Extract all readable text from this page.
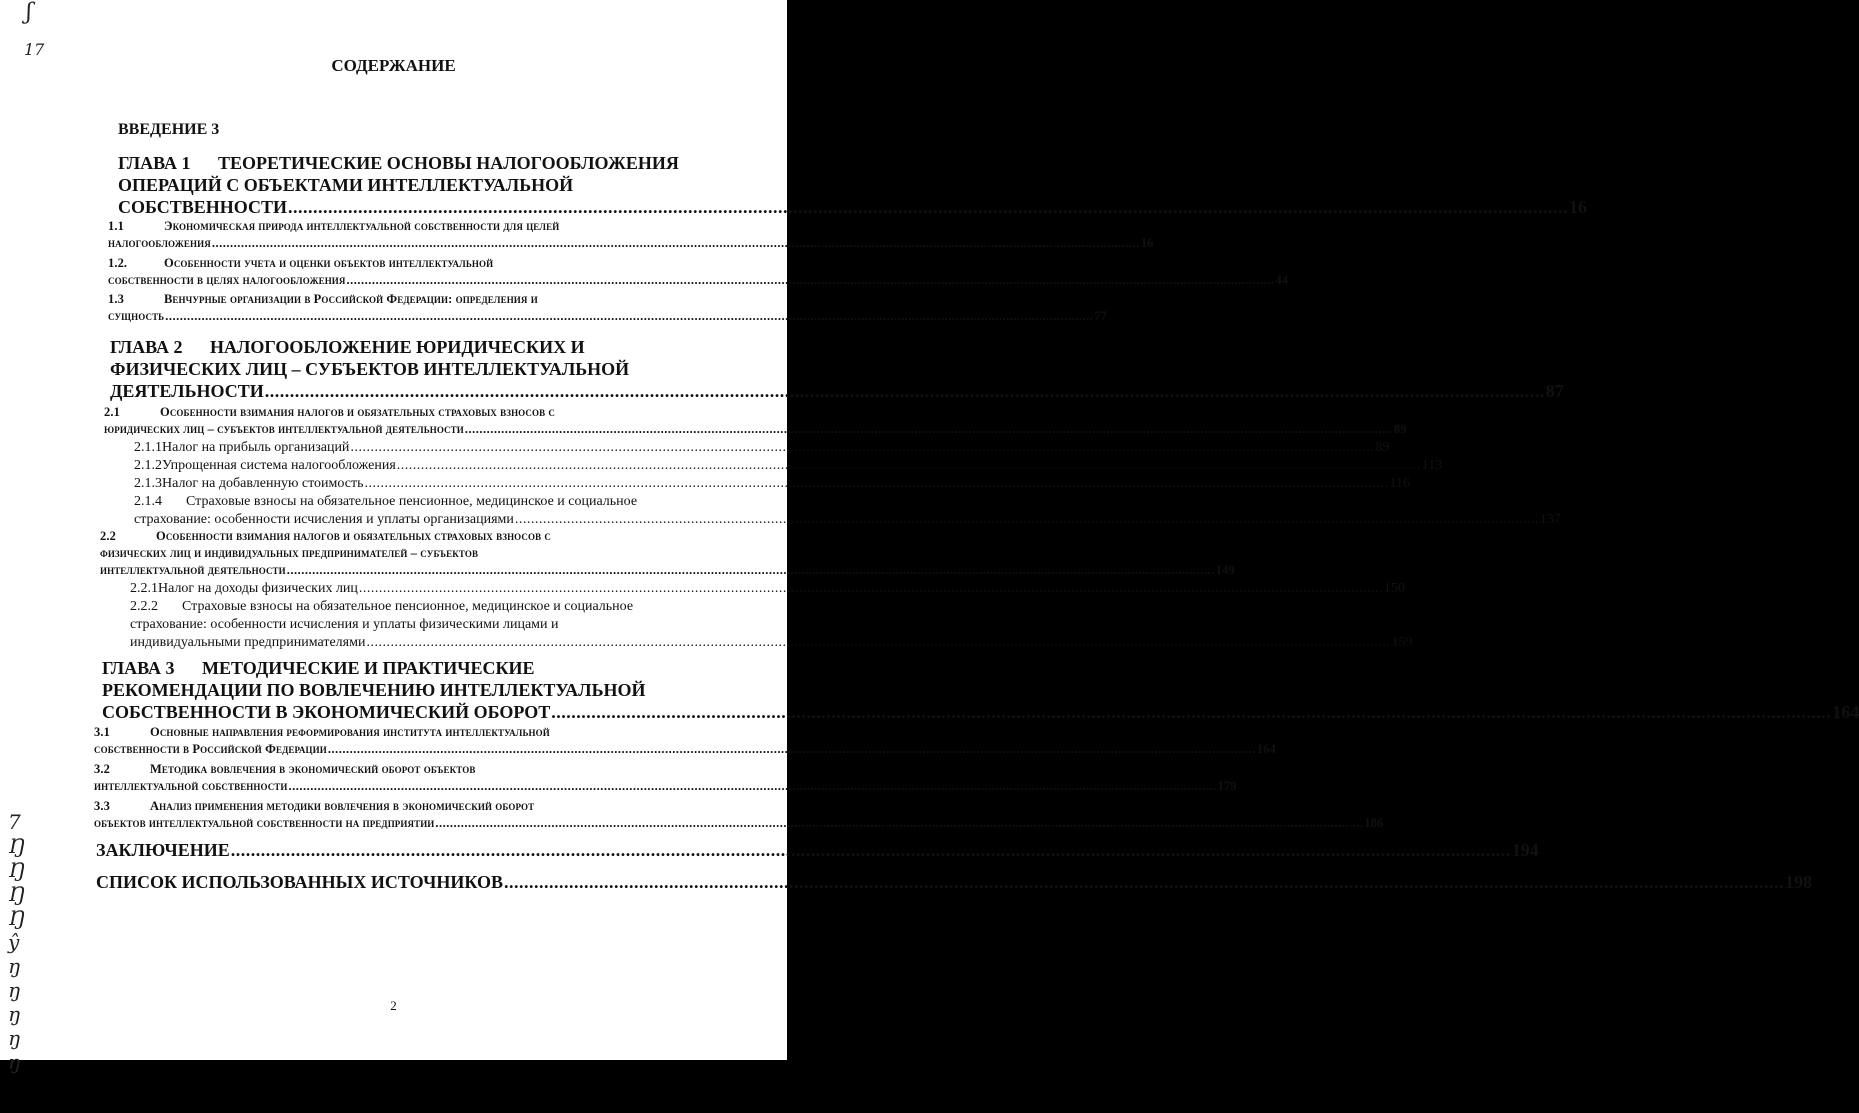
ʃ
17
7
Ŋ
Ŋ
Ŋ
Ŋ
ŷ
ŋ
ŋ
ŋ
ŋ
ŋ
СОДЕРЖАНИЕ
ВВЕДЕНИЕ 3
ГЛАВА 1 ТЕОРЕТИЧЕСКИЕ ОСНОВЫ НАЛОГООБЛОЖЕНИЯ
ОПЕРАЦИЙ С ОБЪЕКТАМИ ИНТЕЛЛЕКТУАЛЬНОЙ
СОБСТВЕННОСТИ .....	16
1.1	Экономическая природа интеллектуальной собственности для целей
налогообложения .....	16
1.2.	Особенности учета и оценки объектов интеллектуальной
собственности в целях налогообложения .....	44
1.3	Венчурные организации в Российской Федерации: определения и
сущность .....	77
ГЛАВА 2 НАЛОГООБЛОЖЕНИЕ ЮРИДИЧЕСКИХ И
ФИЗИЧЕСКИХ ЛИЦ – СУБЪЕКТОВ ИНТЕЛЛЕКТУАЛЬНОЙ
ДЕЯТЕЛЬНОСТИ .....	87
2.1	Особенности взимания налогов и обязательных страховых взносов с
юридических лиц – субъектов интеллектуальной деятельности .....	89
2.1.1 Налог на прибыль организаций .....	89
2.1.2 Упрощенная система налогообложения .....	113
2.1.3 Налог на добавленную стоимость .....	116
2.1.4 Страховые взносы на обязательное пенсионное, медицинское и социальное
страхование: особенности исчисления и уплаты организациями .....	137
2.2	Особенности взимания налогов и обязательных страховых взносов с
физических лиц и индивидуальных предпринимателей – субъектов
интеллектуальной деятельности .....	149
2.2.1 Налог на доходы физических лиц .....	150
2.2.2 Страховые взносы на обязательное пенсионное, медицинское и социальное
страхование: особенности исчисления и уплаты физическими лицами и
индивидуальными предпринимателями .....	159
ГЛАВА 3 МЕТОДИЧЕСКИЕ И ПРАКТИЧЕСКИЕ
РЕКОМЕНДАЦИИ ПО ВОВЛЕЧЕНИЮ ИНТЕЛЛЕКТУАЛЬНОЙ
СОБСТВЕННОСТИ В ЭКОНОМИЧЕСКИЙ ОБОРОТ .....	164
3.1	Основные направления реформирования института интеллектуальной
собственности в Российской Федерации .....	164
3.2	Методика вовлечения в экономический оборот объектов
интеллектуальной собственности .....	179
3.3	Анализ применения методики вовлечения в экономический оборот
объектов интеллектуальной собственности на предприятии .....	186
ЗАКЛЮЧЕНИЕ .....	194
СПИСОК ИСПОЛЬЗОВАННЫХ ИСТОЧНИКОВ .....	198
2
